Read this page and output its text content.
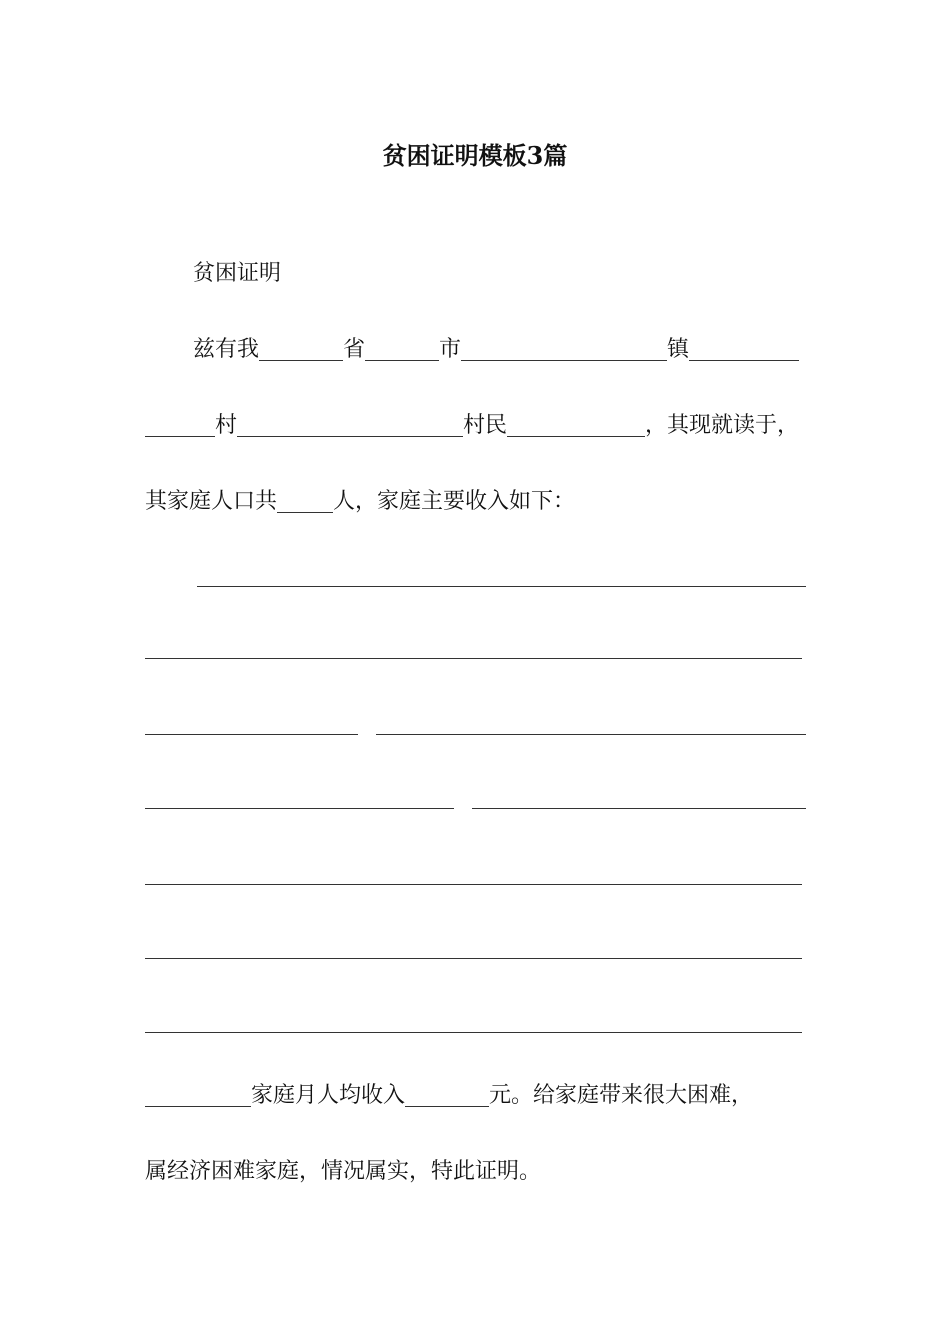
贫困证明模板3篇
贫困证明
兹有我	省	市	镇
村	村民	，其现就读于，
其家庭人口共	人，家庭主要收入如下：
家庭月人均收入	元。给家庭带来很大困难，
属经济困难家庭，情况属实，特此证明。
